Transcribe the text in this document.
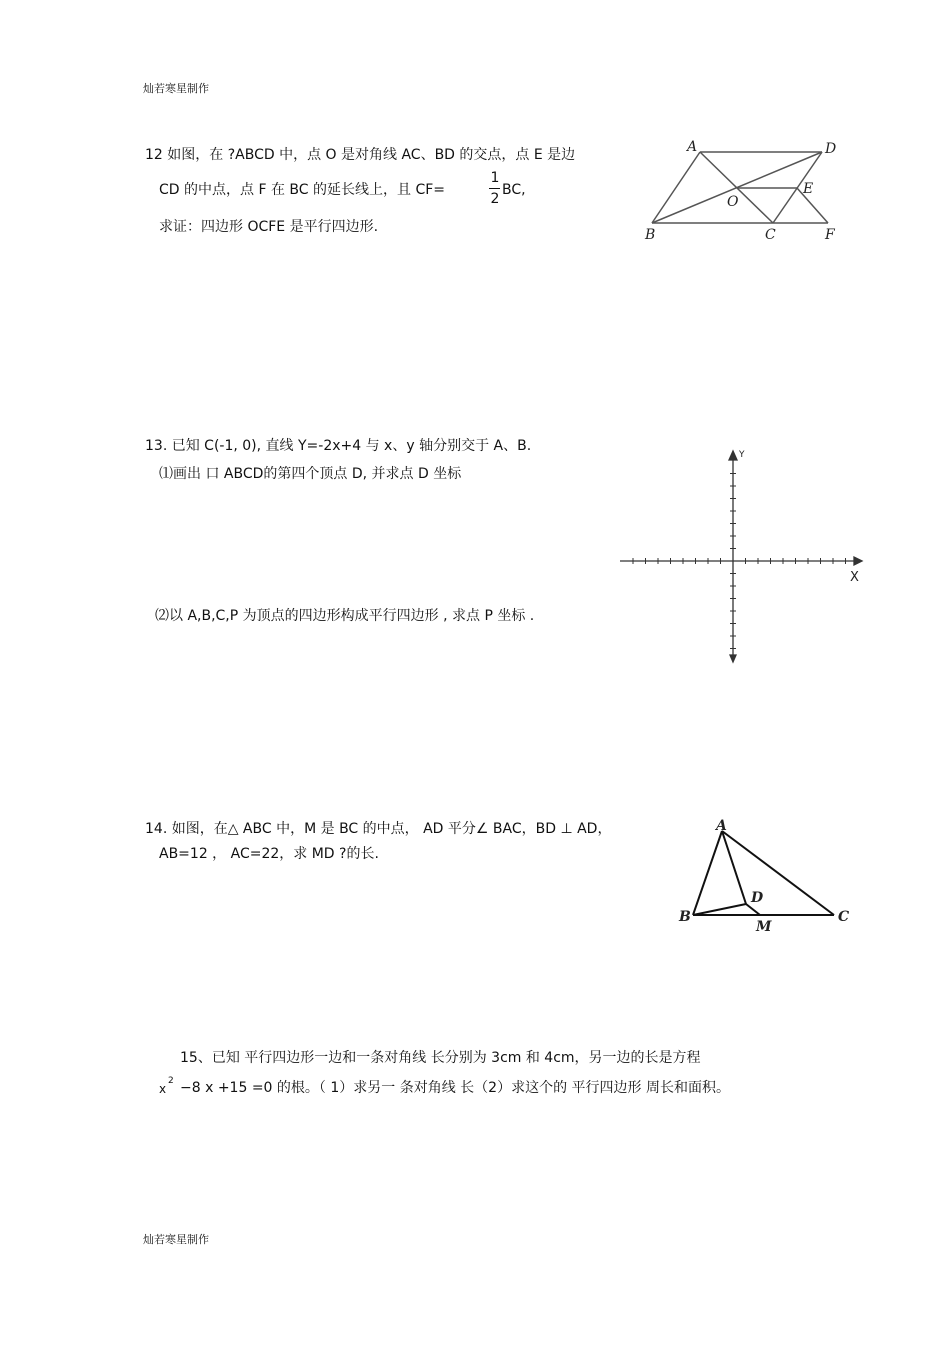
灿若寒星制作
12 如图，在 ?ABCD 中，点 O 是对角线 AC、BD 的交点，点 E 是边
CD 的中点，点 F 在 BC 的延长线上，且 CF=
1
2
BC,
求证：四边形 OCFE 是平行四边形.
A	D
O
E
B	C	F
13. 已知 C(-1, 0), 直线 Y=-2x+4 与 x、y 轴分别交于 A、B.
⑴画出 口 ABCD的第四个顶点 D, 并求点 D 坐标
⑵以 A,B,C,P 为顶点的四边形构成平行四边形 , 求点 P 坐标 .
X
Y
14. 如图，在△ ABC 中，M 是 BC 的中点， AD 平分∠ BAC，BD ⊥ AD，
AB=12 ， AC=22，求 MD ?的长.
A
D
B
M
C
15、已知 平行四边形一边和一条对角线 长分别为 3cm 和 4cm，另一边的长是方程
x
2 −8 x +15 =0 的根。（ 1）求另一 条对角线 长（2）求这个的 平行四边形 周长和面积。
灿若寒星制作
